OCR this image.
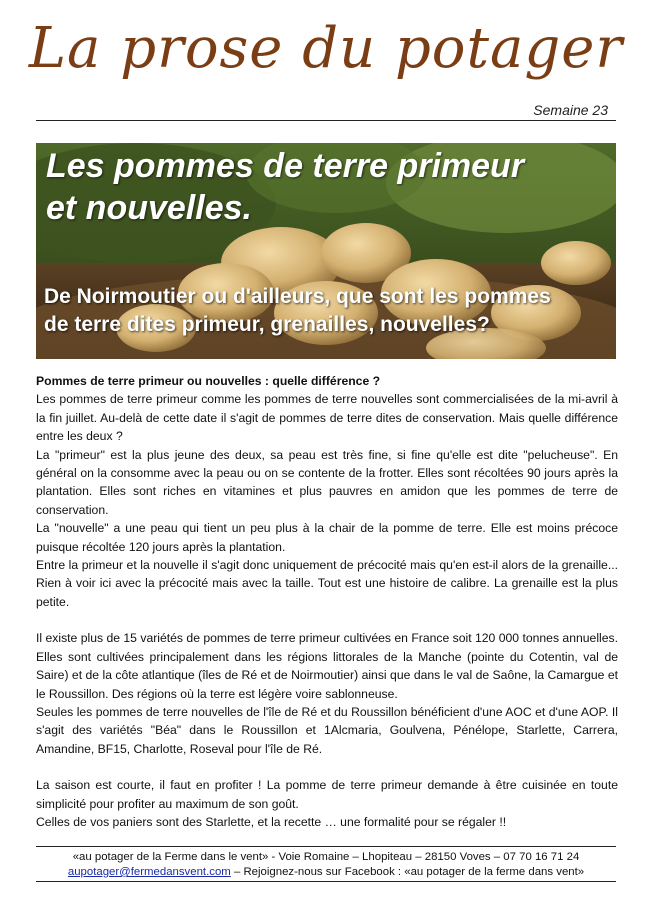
La prose du potager
Semaine 23
Les pommes de terre primeur
et nouvelles.
De Noirmoutier ou d'ailleurs, que sont les pommes
de terre dites primeur, grenailles, nouvelles?

Pommes de terre primeur ou nouvelles : quelle différence ?

Les pommes de terre primeur comme les pommes de terre nouvelles sont commercialisées de la mi-avril à la fin juillet. Au-delà de cette date il s'agit de pommes de terre dites de conservation. Mais quelle différence entre les deux ?

La "primeur" est la plus jeune des deux, sa peau est très fine, si fine qu'elle est dite "pelucheuse". En général on la consomme avec la peau ou on se contente de la frotter. Elles sont récoltées 90 jours après la plantation. Elles sont riches en vitamines et plus pauvres en amidon que les pommes de terre de conservation.

La "nouvelle" a une peau qui tient un peu plus à la chair de la pomme de terre. Elle est moins précoce puisque récoltée 120 jours après la plantation.

Entre la primeur et la nouvelle il s'agit donc uniquement de précocité mais qu'en est-il alors de la grenaille... Rien à voir ici avec la précocité mais avec la taille. Tout est une histoire de calibre. La grenaille est la plus petite.

Il existe plus de 15 variétés de pommes de terre primeur cultivées en France soit 120 000 tonnes annuelles. Elles sont cultivées principalement dans les régions littorales de la Manche (pointe du Cotentin, val de Saire) et de la côte atlantique (îles de Ré et de Noirmoutier) ainsi que dans le val de Saône, la Camargue et le Roussillon. Des régions où la terre est légère voire sablonneuse.

Seules les pommes de terre nouvelles de l'île de Ré et du Roussillon bénéficient d'une AOC et d'une AOP. Il s'agit des variétés "Béa" dans le Roussillon et 1Alcmaria, Goulvena, Pénélope, Starlette, Carrera, Amandine, BF15, Charlotte, Roseval pour l'île de Ré.

La saison est courte, il faut en profiter ! La pomme de terre primeur demande à être cuisinée en toute simplicité pour profiter au maximum de son goût.

Celles de vos paniers sont des Starlette, et la recette … une formalité pour se régaler !!

«au potager de la Ferme dans le vent» - Voie Romaine – Lhopiteau – 28150 Voves – 07 70 16 71 24
aupotager@fermedansvent.com – Rejoignez-nous sur Facebook : «au potager de la ferme dans vent»
